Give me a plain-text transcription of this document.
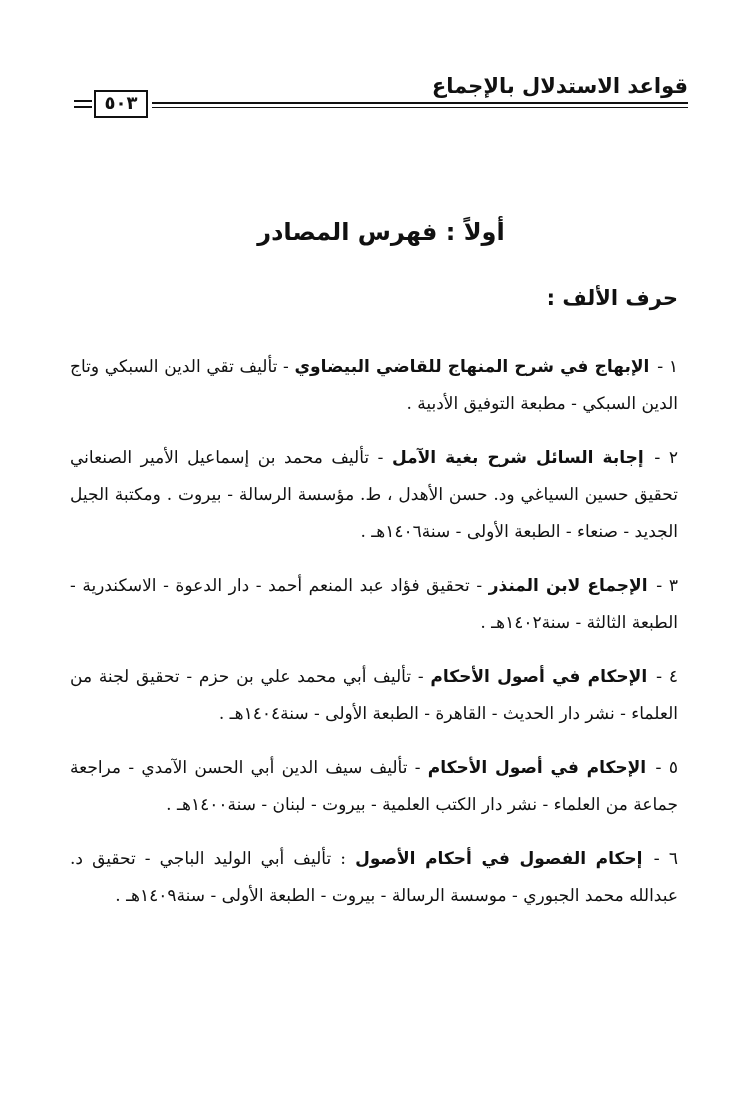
قواعد الاستدلال بالإجماع
٥٠٣
أولاً : فهرس المصادر
حرف الألف :

١ - الإبهاج في شرح المنهاج للقاضي البيضاوي - تأليف تقي الدين السبكي وتاج الدين السبكي - مطبعة التوفيق الأدبية .

٢ - إجابة السائل شرح بغية الآمل - تأليف محمد بن إسماعيل الأمير الصنعاني تحقيق حسين السياغي ود. حسن الأهدل ، ط. مؤسسة الرسالة - بيروت . ومكتبة الجيل الجديد - صنعاء - الطبعة الأولى - سنة١٤٠٦هـ .

٣ - الإجماع لابن المنذر - تحقيق فؤاد عبد المنعم أحمد - دار الدعوة - الاسكندرية - الطبعة الثالثة - سنة١٤٠٢هـ .

٤ - الإحكام في أصول الأحكام - تأليف أبي محمد علي بن حزم - تحقيق لجنة من العلماء - نشر دار الحديث - القاهرة - الطبعة الأولى - سنة١٤٠٤هـ .

٥ - الإحكام في أصول الأحكام - تأليف سيف الدين أبي الحسن الآمدي - مراجعة جماعة من العلماء - نشر دار الكتب العلمية - بيروت - لبنان - سنة١٤٠٠هـ .

٦ - إحكام الفصول في أحكام الأصول : تأليف أبي الوليد الباجي - تحقيق د. عبدالله محمد الجبوري - موسسة الرسالة - بيروت - الطبعة الأولى - سنة١٤٠٩هـ .
